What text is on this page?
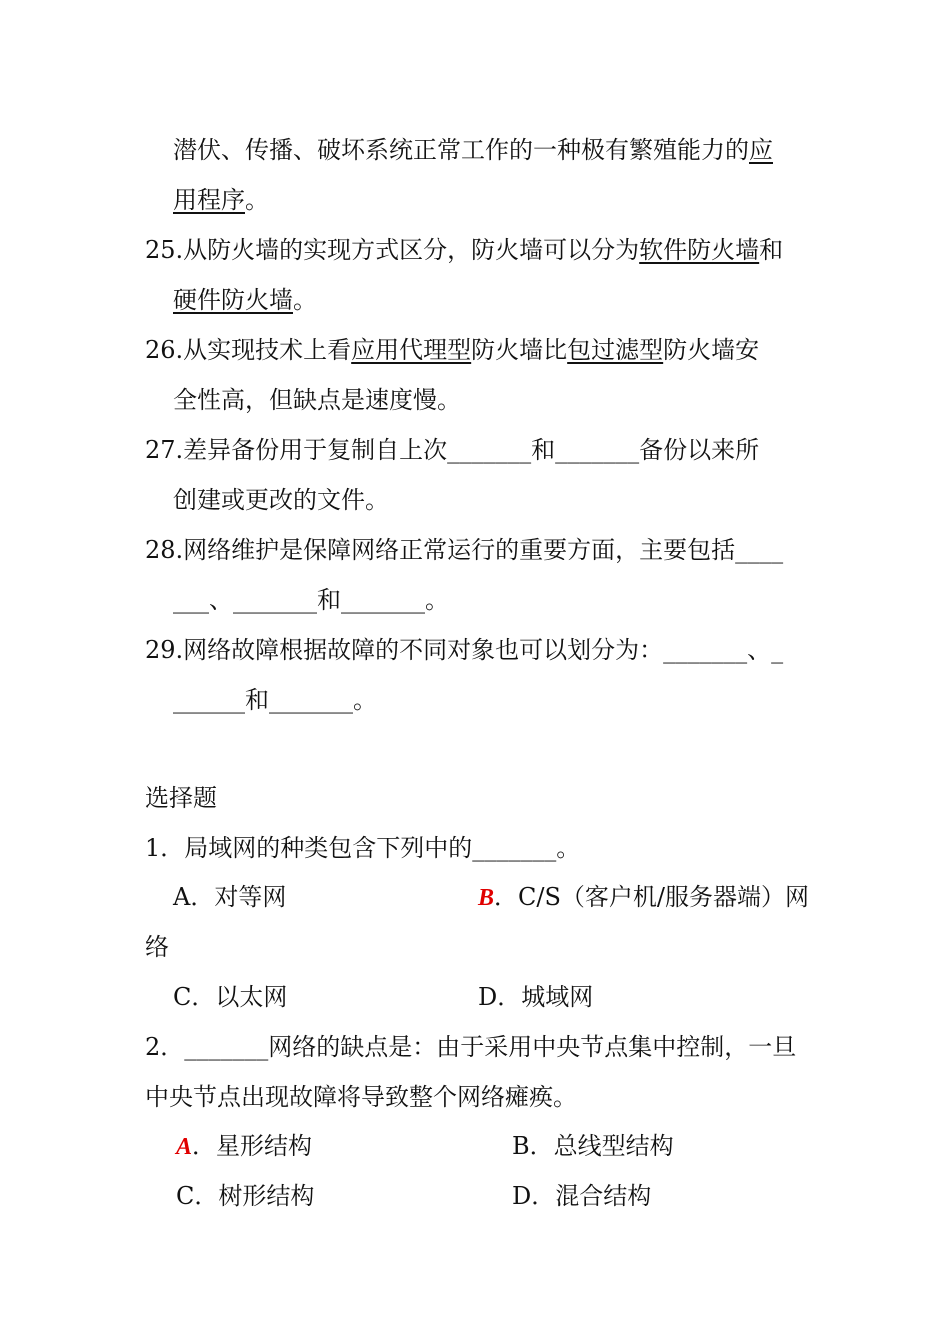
潜伏、传播、破坏系统正常工作的一种极有繁殖能力的应
用程序。
25.从防火墙的实现方式区分，防火墙可以分为软件防火墙和
硬件防火墙。
26.从实现技术上看应用代理型防火墙比包过滤型防火墙安
全性高，但缺点是速度慢。
27.差异备份用于复制自上次_______和_______备份以来所
创建或更改的文件。
28.网络维护是保障网络正常运行的重要方面，主要包括____
___、_______和_______。
29.网络故障根据故障的不同对象也可以划分为：_______、_
______和_______。
选择题
1．局域网的种类包含下列中的_______。
A．对等网	B．C/S（客户机/服务器端）网
络
C．以太网	D．城域网
2．_______网络的缺点是：由于采用中央节点集中控制，一旦
中央节点出现故障将导致整个网络瘫痪。
A．星形结构	B．总线型结构
C．树形结构	D．混合结构
